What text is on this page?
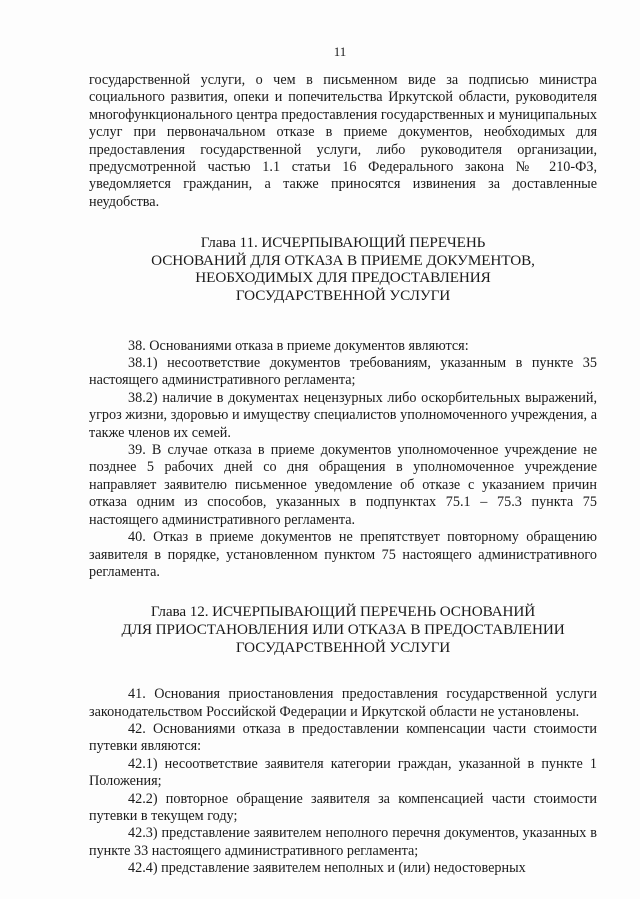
11

государственной услуги, о чем в письменном виде за подписью министра социального развития, опеки и попечительства Иркутской области, руководителя многофункционального центра предоставления государственных и муниципальных услуг при первоначальном отказе в приеме документов, необходимых для предоставления государственной услуги, либо руководителя организации, предусмотренной частью 1.1 статьи 16 Федерального закона № 210-ФЗ, уведомляется гражданин, а также приносятся извинения за доставленные неудобства.

Глава 11. ИСЧЕРПЫВАЮЩИЙ ПЕРЕЧЕНЬ
ОСНОВАНИЙ ДЛЯ ОТКАЗА В ПРИЕМЕ ДОКУМЕНТОВ,
НЕОБХОДИМЫХ ДЛЯ ПРЕДОСТАВЛЕНИЯ
ГОСУДАРСТВЕННОЙ УСЛУГИ

38. Основаниями отказа в приеме документов являются:

38.1) несоответствие документов требованиям, указанным в пункте 35 настоящего административного регламента;

38.2) наличие в документах нецензурных либо оскорбительных выражений, угроз жизни, здоровью и имуществу специалистов уполномоченного учреждения, а также членов их семей.

39. В случае отказа в приеме документов уполномоченное учреждение не позднее 5 рабочих дней со дня обращения в уполномоченное учреждение направляет заявителю письменное уведомление об отказе с указанием причин отказа одним из способов, указанных в подпунктах 75.1 – 75.3 пункта 75 настоящего административного регламента.

40. Отказ в приеме документов не препятствует повторному обращению заявителя в порядке, установленном пунктом 75 настоящего административного регламента.

Глава 12. ИСЧЕРПЫВАЮЩИЙ ПЕРЕЧЕНЬ ОСНОВАНИЙ
ДЛЯ ПРИОСТАНОВЛЕНИЯ ИЛИ ОТКАЗА В ПРЕДОСТАВЛЕНИИ
ГОСУДАРСТВЕННОЙ УСЛУГИ

41. Основания приостановления предоставления государственной услуги законодательством Российской Федерации и Иркутской области не установлены.

42. Основаниями отказа в предоставлении компенсации части стоимости путевки являются:

42.1) несоответствие заявителя категории граждан, указанной в пункте 1 Положения;

42.2) повторное обращение заявителя за компенсацией части стоимости путевки в текущем году;

42.3) представление заявителем неполного перечня документов, указанных в пункте 33 настоящего административного регламента;

42.4) представление заявителем неполных и (или) недостоверных
